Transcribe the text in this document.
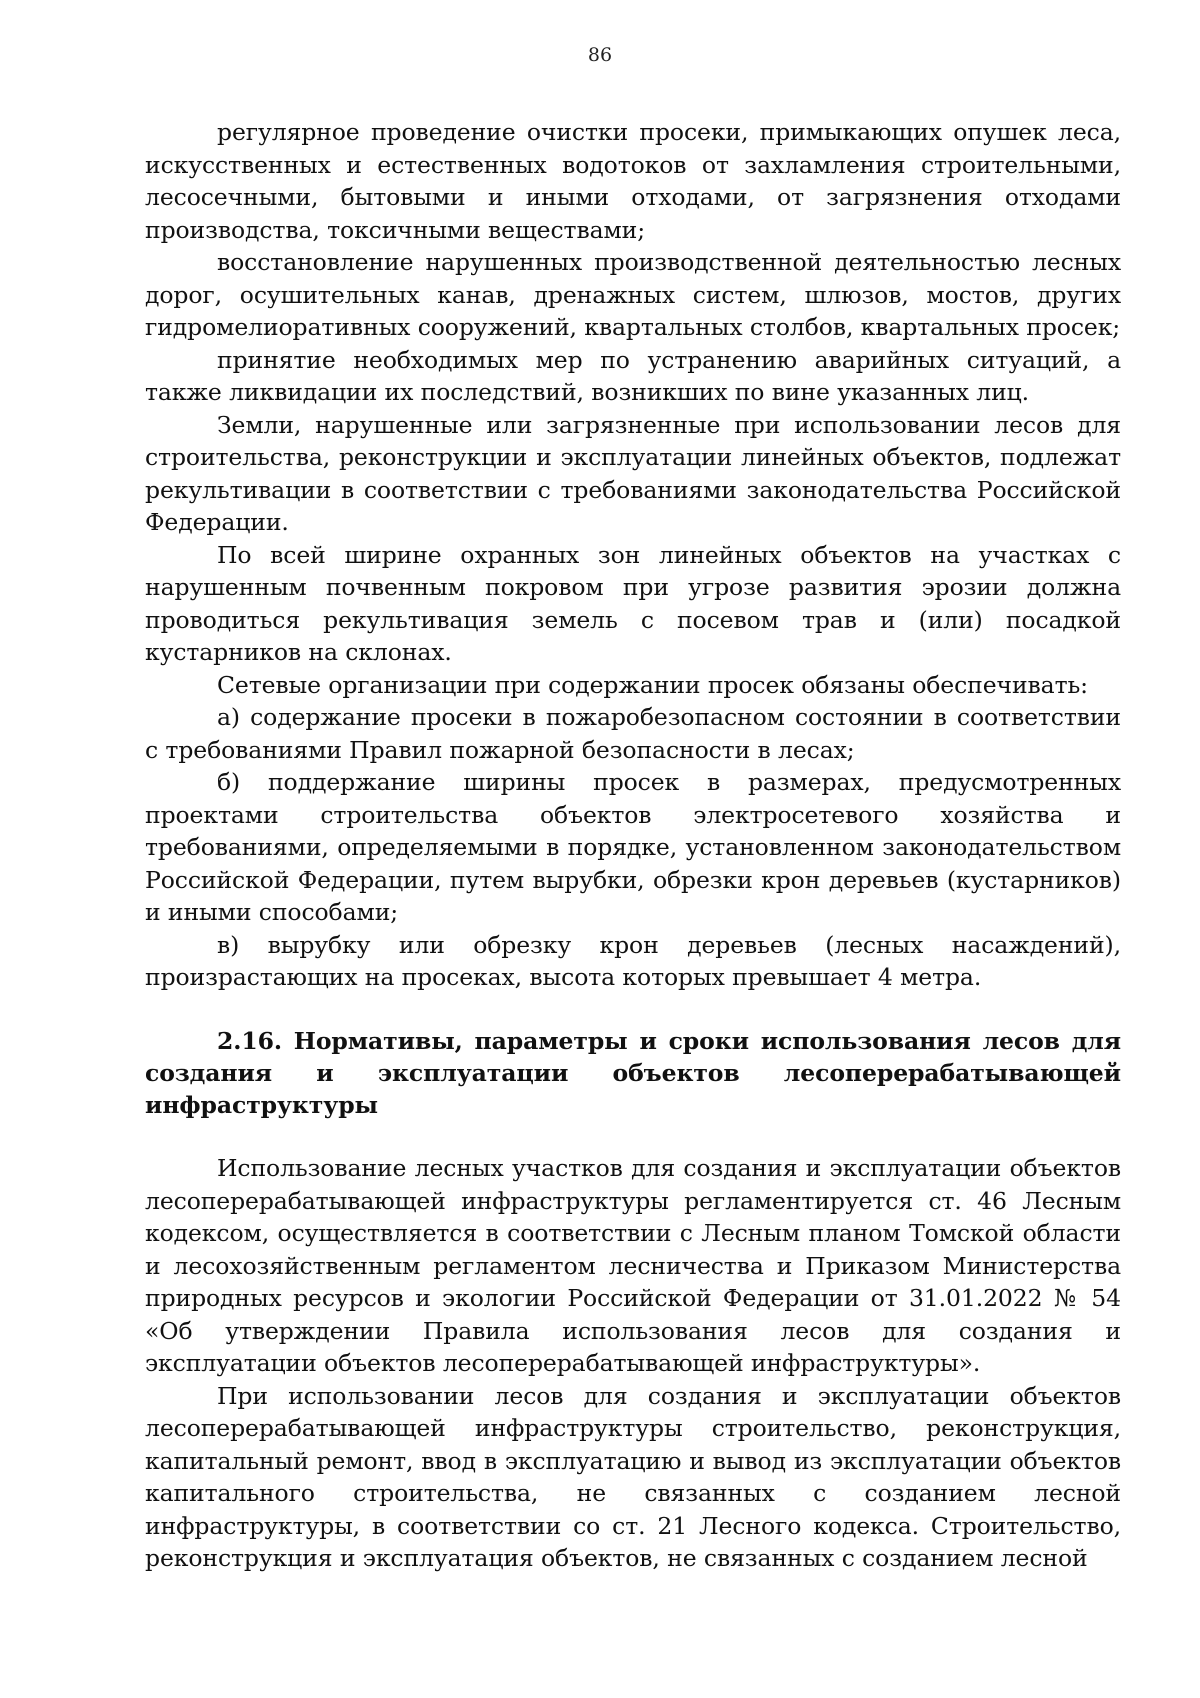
86

регулярное проведение очистки просеки, примыкающих опушек леса, искусственных и естественных водотоков от захламления строительными, лесосечными, бытовыми и иными отходами, от загрязнения отходами производства, токсичными веществами;

восстановление нарушенных производственной деятельностью лесных дорог, осушительных канав, дренажных систем, шлюзов, мостов, других гидромелиоративных сооружений, квартальных столбов, квартальных просек;

принятие необходимых мер по устранению аварийных ситуаций, а также ликвидации их последствий, возникших по вине указанных лиц.

Земли, нарушенные или загрязненные при использовании лесов для строительства, реконструкции и эксплуатации линейных объектов, подлежат рекультивации в соответствии с требованиями законодательства Российской Федерации.

По всей ширине охранных зон линейных объектов на участках с нарушенным почвенным покровом при угрозе развития эрозии должна проводиться рекультивация земель с посевом трав и (или) посадкой кустарников на склонах.

Сетевые организации при содержании просек обязаны обеспечивать:

а) содержание просеки в пожаробезопасном состоянии в соответствии с требованиями Правил пожарной безопасности в лесах;

б) поддержание ширины просек в размерах, предусмотренных проектами строительства объектов электросетевого хозяйства и требованиями, определяемыми в порядке, установленном законодательством Российской Федерации, путем вырубки, обрезки крон деревьев (кустарников) и иными способами;

в) вырубку или обрезку крон деревьев (лесных насаждений), произрастающих на просеках, высота которых превышает 4 метра.

2.16. Нормативы, параметры и сроки использования лесов для создания и эксплуатации объектов лесоперерабатывающей инфраструктуры

Использование лесных участков для создания и эксплуатации объектов лесоперерабатывающей инфраструктуры регламентируется ст. 46 Лесным кодексом, осуществляется в соответствии с Лесным планом Томской области и лесохозяйственным регламентом лесничества и Приказом Министерства природных ресурсов и экологии Российской Федерации от 31.01.2022 № 54 «Об утверждении Правила использования лесов для создания и эксплуатации объектов лесоперерабатывающей инфраструктуры».

При использовании лесов для создания и эксплуатации объектов лесоперерабатывающей инфраструктуры строительство, реконструкция, капитальный ремонт, ввод в эксплуатацию и вывод из эксплуатации объектов капитального строительства, не связанных с созданием лесной инфраструктуры, в соответствии со ст. 21 Лесного кодекса. Строительство, реконструкция и эксплуатация объектов, не связанных с созданием лесной
